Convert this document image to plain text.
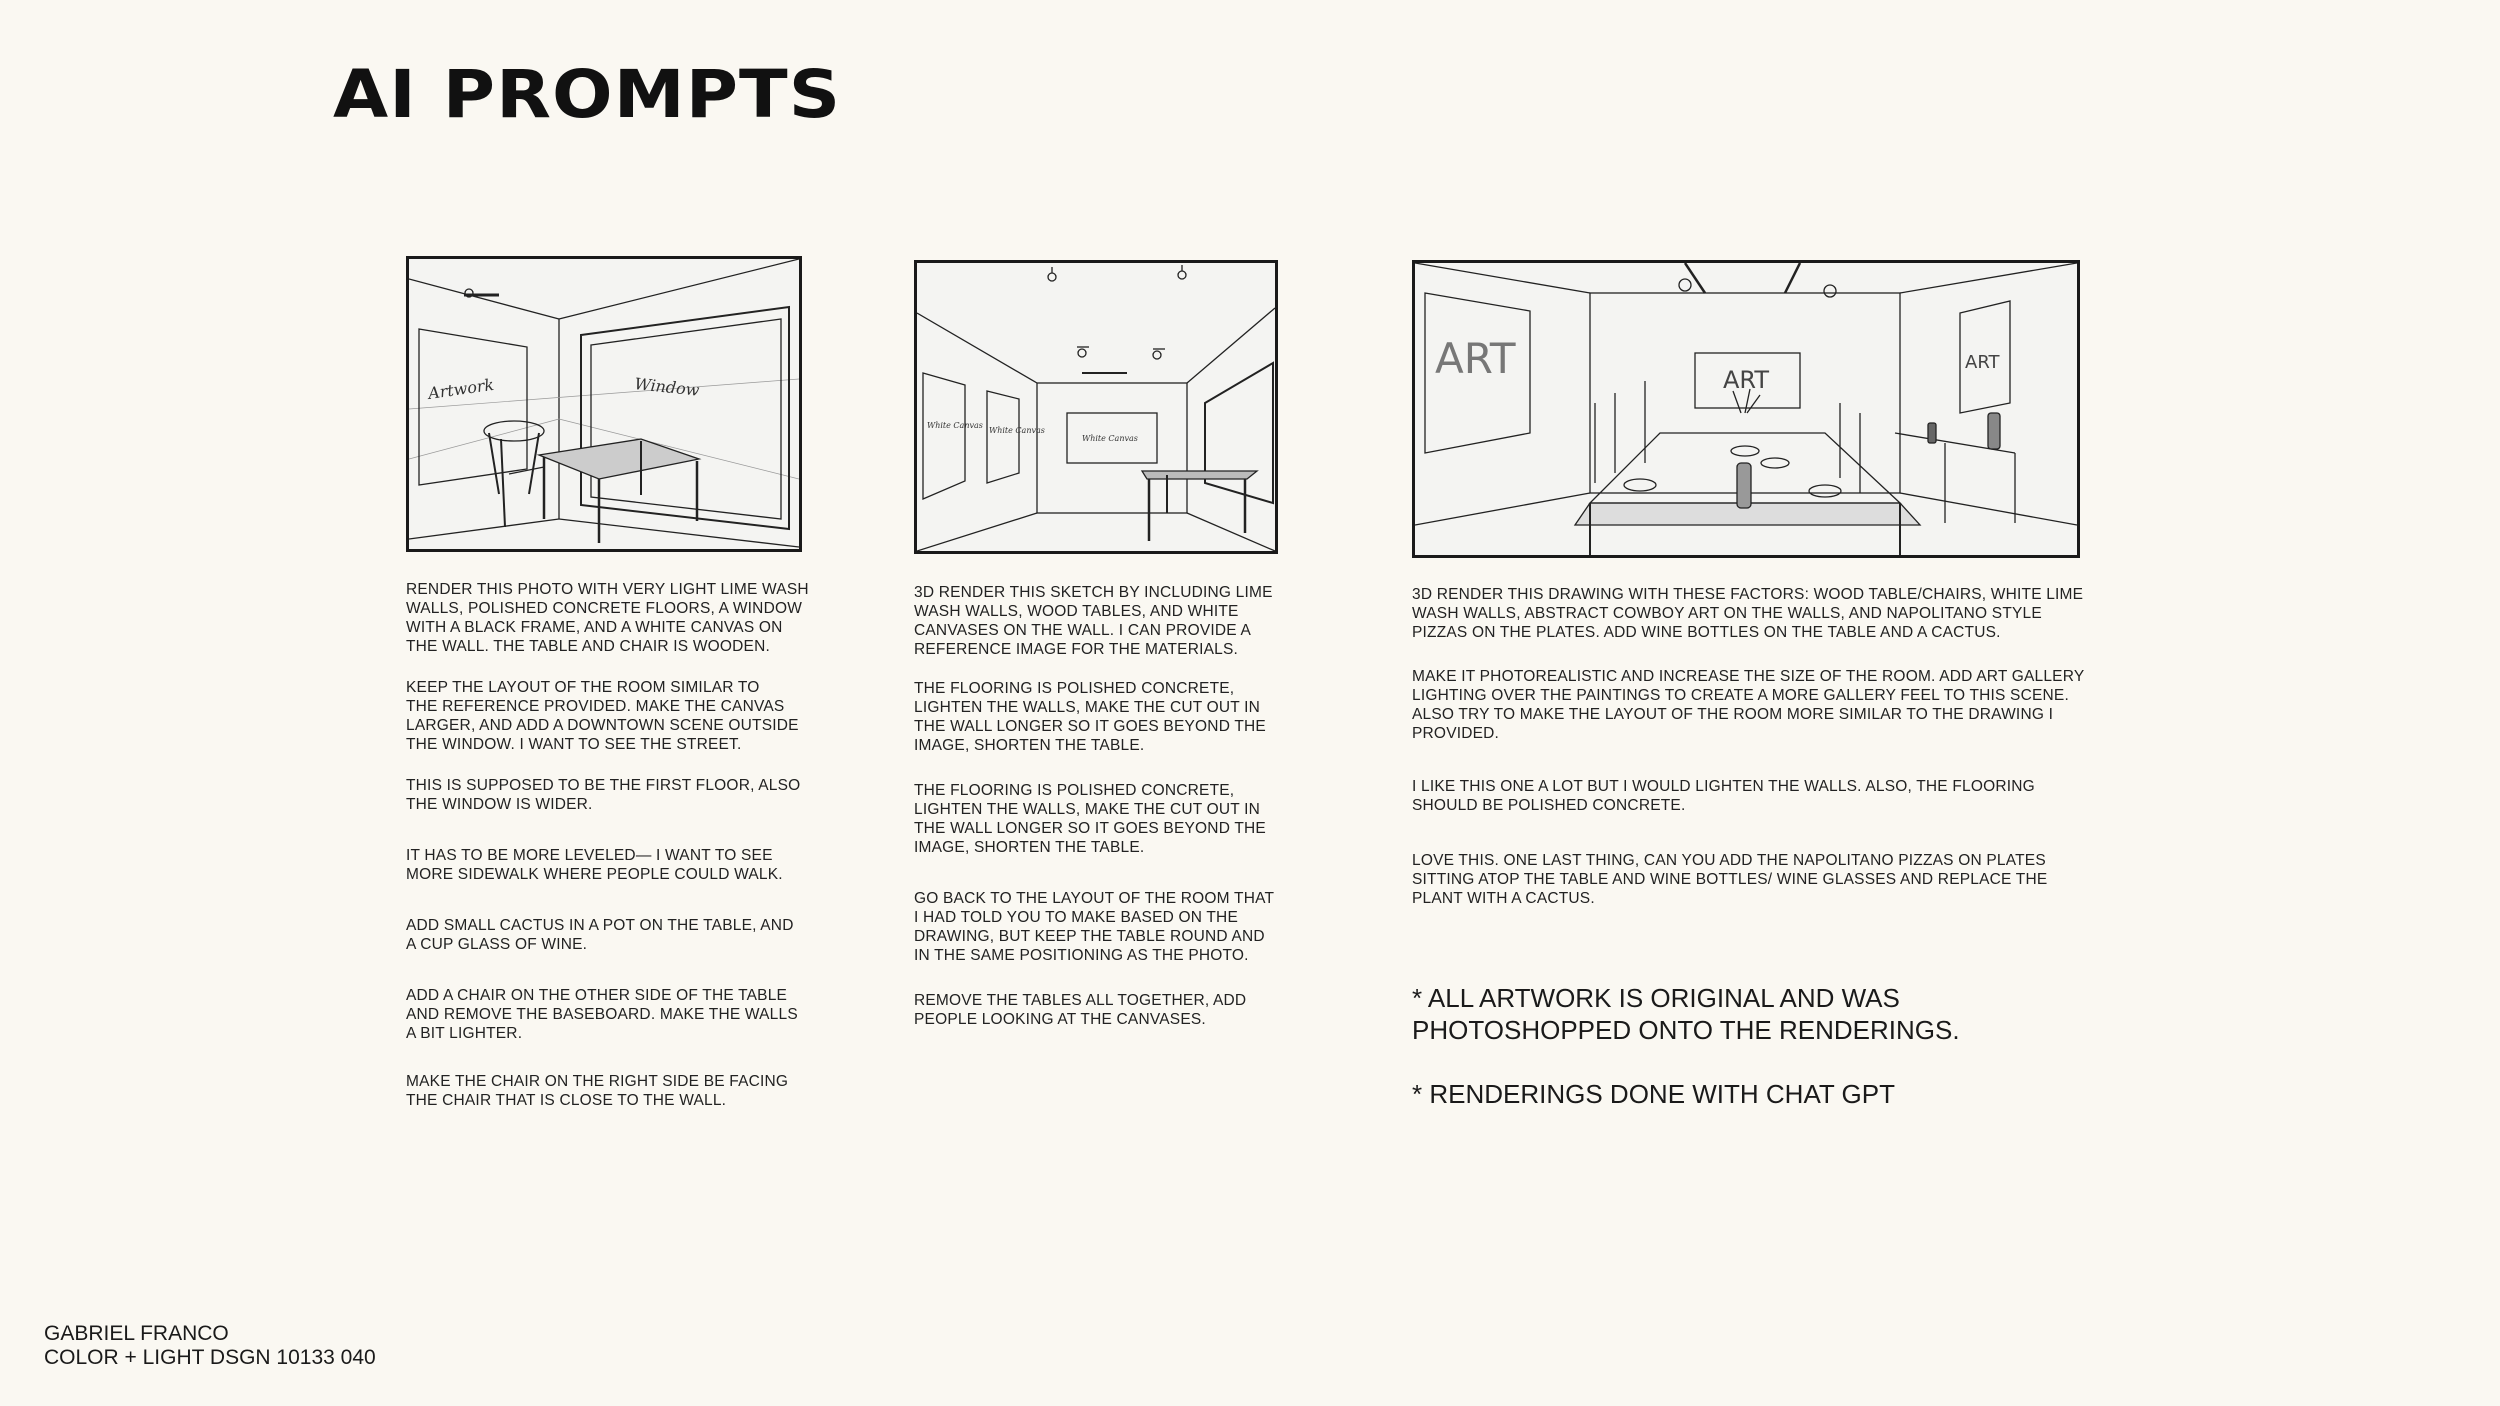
AI PROMPTS
Artwork	Window
White Canvas
White Canvas
White Canvas
ART	ART
ART

RENDER THIS PHOTO WITH VERY LIGHT LIME WASH
WALLS, POLISHED CONCRETE FLOORS, A WINDOW
WITH A BLACK FRAME, AND A WHITE CANVAS ON
THE WALL. THE TABLE AND CHAIR IS WOODEN.

KEEP THE LAYOUT OF THE ROOM SIMILAR TO
THE REFERENCE PROVIDED. MAKE THE CANVAS
LARGER, AND ADD A DOWNTOWN SCENE OUTSIDE
THE WINDOW. I WANT TO SEE THE STREET.

THIS IS SUPPOSED TO BE THE FIRST FLOOR, ALSO
THE WINDOW IS WIDER.

IT HAS TO BE MORE LEVELED— I WANT TO SEE
MORE SIDEWALK WHERE PEOPLE COULD WALK.

ADD SMALL CACTUS IN A POT ON THE TABLE, AND
A CUP GLASS OF WINE.

ADD A CHAIR ON THE OTHER SIDE OF THE TABLE
AND REMOVE THE BASEBOARD. MAKE THE WALLS
A BIT LIGHTER.

MAKE THE CHAIR ON THE RIGHT SIDE BE FACING
THE CHAIR THAT IS CLOSE TO THE WALL.

3D RENDER THIS SKETCH BY INCLUDING LIME
WASH WALLS, WOOD TABLES, AND WHITE
CANVASES ON THE WALL. I CAN PROVIDE A
REFERENCE IMAGE FOR THE MATERIALS.

THE FLOORING IS POLISHED CONCRETE,
LIGHTEN THE WALLS, MAKE THE CUT OUT IN
THE WALL LONGER SO IT GOES BEYOND THE
IMAGE, SHORTEN THE TABLE.

THE FLOORING IS POLISHED CONCRETE,
LIGHTEN THE WALLS, MAKE THE CUT OUT IN
THE WALL LONGER SO IT GOES BEYOND THE
IMAGE, SHORTEN THE TABLE.

GO BACK TO THE LAYOUT OF THE ROOM THAT
I HAD TOLD YOU TO MAKE BASED ON THE
DRAWING, BUT KEEP THE TABLE ROUND AND
IN THE SAME POSITIONING AS THE PHOTO.

REMOVE THE TABLES ALL TOGETHER, ADD
PEOPLE LOOKING AT THE CANVASES.

3D RENDER THIS DRAWING WITH THESE FACTORS: WOOD TABLE/CHAIRS, WHITE LIME
WASH WALLS, ABSTRACT COWBOY ART ON THE WALLS, AND NAPOLITANO STYLE
PIZZAS ON THE PLATES. ADD WINE BOTTLES ON THE TABLE AND A CACTUS.

MAKE IT PHOTOREALISTIC AND INCREASE THE SIZE OF THE ROOM. ADD ART GALLERY
LIGHTING OVER THE PAINTINGS TO CREATE A MORE GALLERY FEEL TO THIS SCENE.
ALSO TRY TO MAKE THE LAYOUT OF THE ROOM MORE SIMILAR TO THE DRAWING I
PROVIDED.

I LIKE THIS ONE A LOT BUT I WOULD LIGHTEN THE WALLS. ALSO, THE FLOORING
SHOULD BE POLISHED CONCRETE.

LOVE THIS. ONE LAST THING, CAN YOU ADD THE NAPOLITANO PIZZAS ON PLATES
SITTING ATOP THE TABLE AND WINE BOTTLES/ WINE GLASSES AND REPLACE THE
PLANT WITH A CACTUS.

* ALL ARTWORK IS ORIGINAL AND WAS
PHOTOSHOPPED ONTO THE RENDERINGS.
* RENDERINGS DONE WITH CHAT GPT
GABRIEL FRANCO
COLOR + LIGHT DSGN 10133 040
